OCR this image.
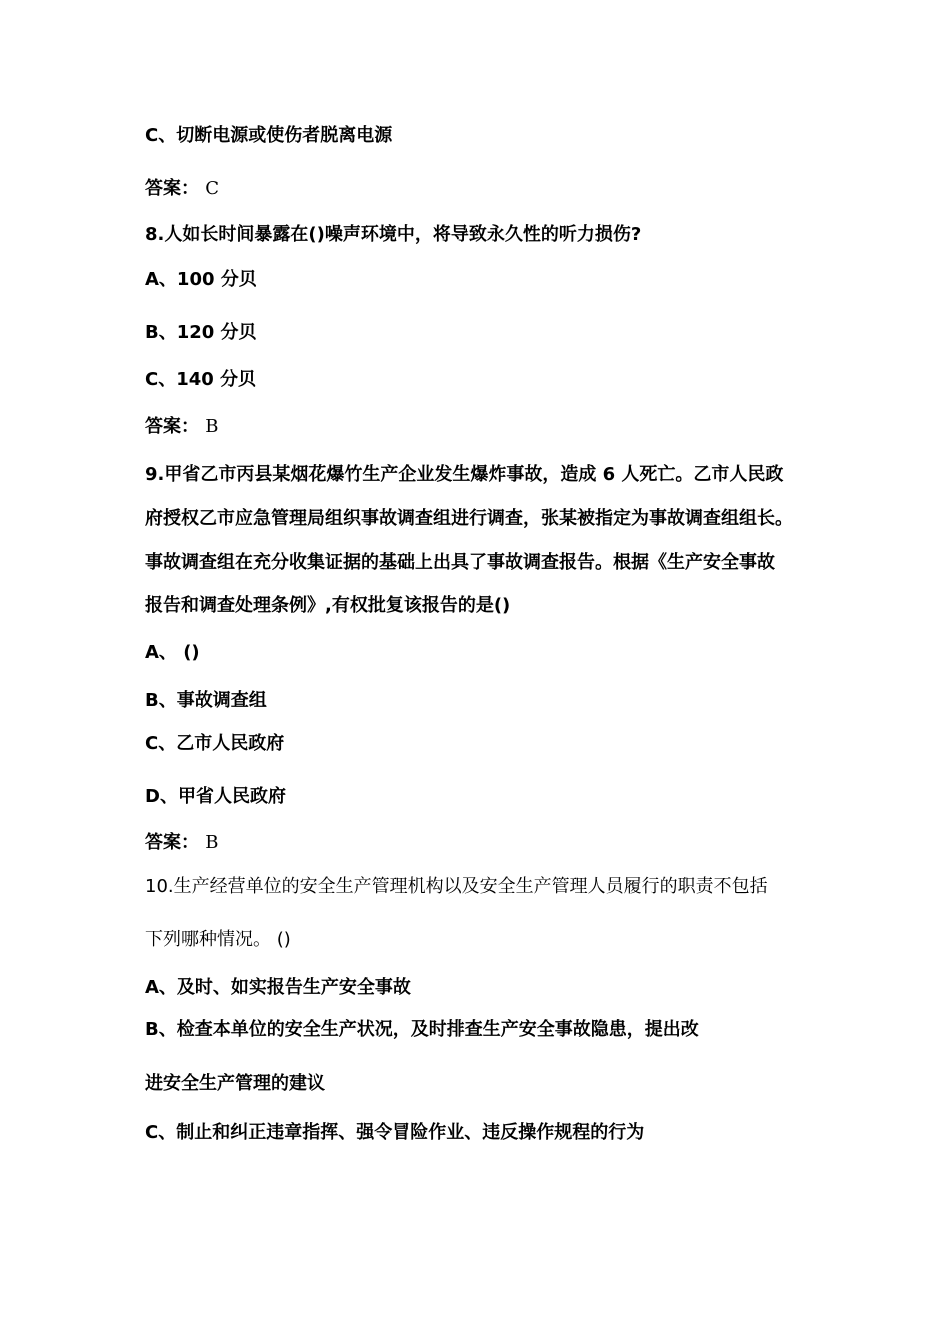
C、切断电源或使伤者脱离电源
答案： C
8.人如长时间暴露在()噪声环境中，将导致永久性的听力损伤?
A、100 分贝
B、120 分贝
C、140 分贝
答案： B
9.甲省乙市丙县某烟花爆竹生产企业发生爆炸事故，造成 6 人死亡。乙市人民政
府授权乙市应急管理局组织事故调查组进行调查，张某被指定为事故调查组组长。
事故调查组在充分收集证据的基础上出具了事故调查报告。根据《生产安全事故
报告和调查处理条例》,有权批复该报告的是()
A、 ()
B、事故调查组
C、乙市人民政府
D、甲省人民政府
答案： B
10.生产经营单位的安全生产管理机构以及安全生产管理人员履行的职责不包括
下列哪种情况。 ()
A、及时、如实报告生产安全事故
B、检查本单位的安全生产状况，及时排查生产安全事故隐患，提出改
进安全生产管理的建议
C、制止和纠正违章指挥、强令冒险作业、违反操作规程的行为
